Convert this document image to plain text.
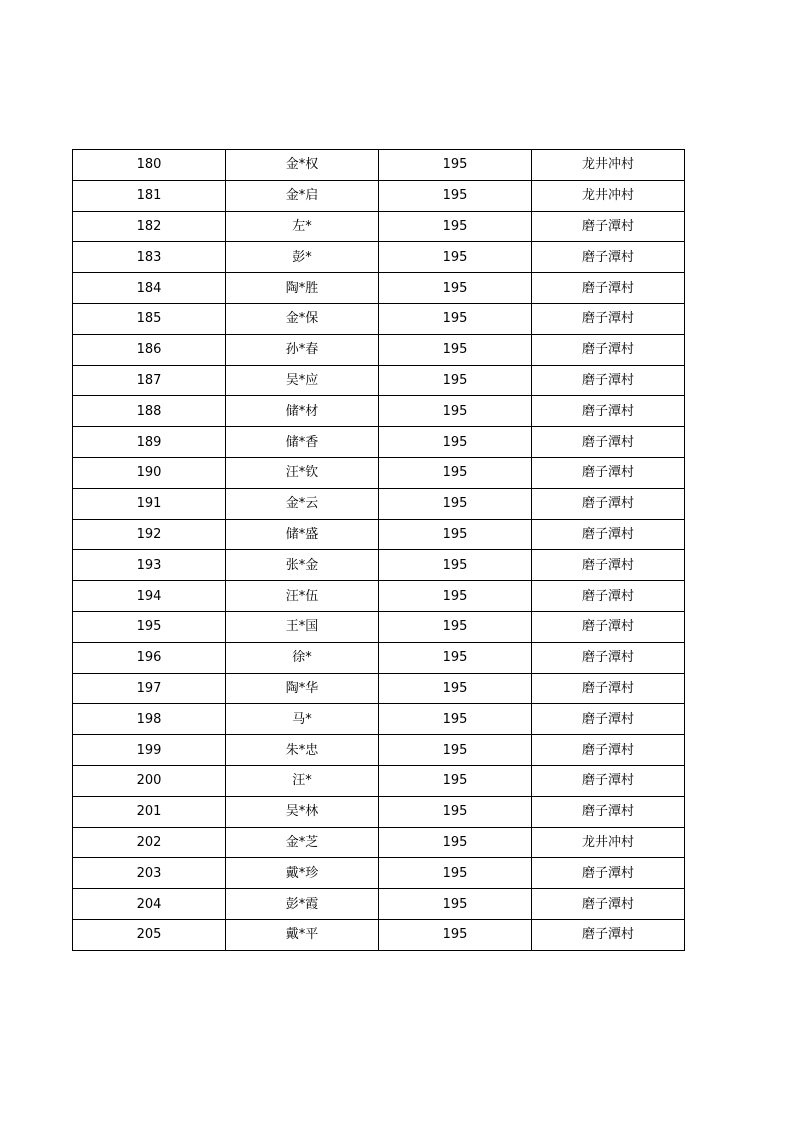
180	金*权	195	龙井冲村
181	金*启	195	龙井冲村
182	左*	195	磨子潭村
183	彭*	195	磨子潭村
184	陶*胜	195	磨子潭村
185	金*保	195	磨子潭村
186	孙*春	195	磨子潭村
187	吴*应	195	磨子潭村
188	储*材	195	磨子潭村
189	储*香	195	磨子潭村
190	汪*钦	195	磨子潭村
191	金*云	195	磨子潭村
192	储*盛	195	磨子潭村
193	张*金	195	磨子潭村
194	汪*伍	195	磨子潭村
195	王*国	195	磨子潭村
196	徐*	195	磨子潭村
197	陶*华	195	磨子潭村
198	马*	195	磨子潭村
199	朱*忠	195	磨子潭村
200	汪*	195	磨子潭村
201	吴*林	195	磨子潭村
202	金*芝	195	龙井冲村
203	戴*珍	195	磨子潭村
204	彭*霞	195	磨子潭村
205	戴*平	195	磨子潭村
